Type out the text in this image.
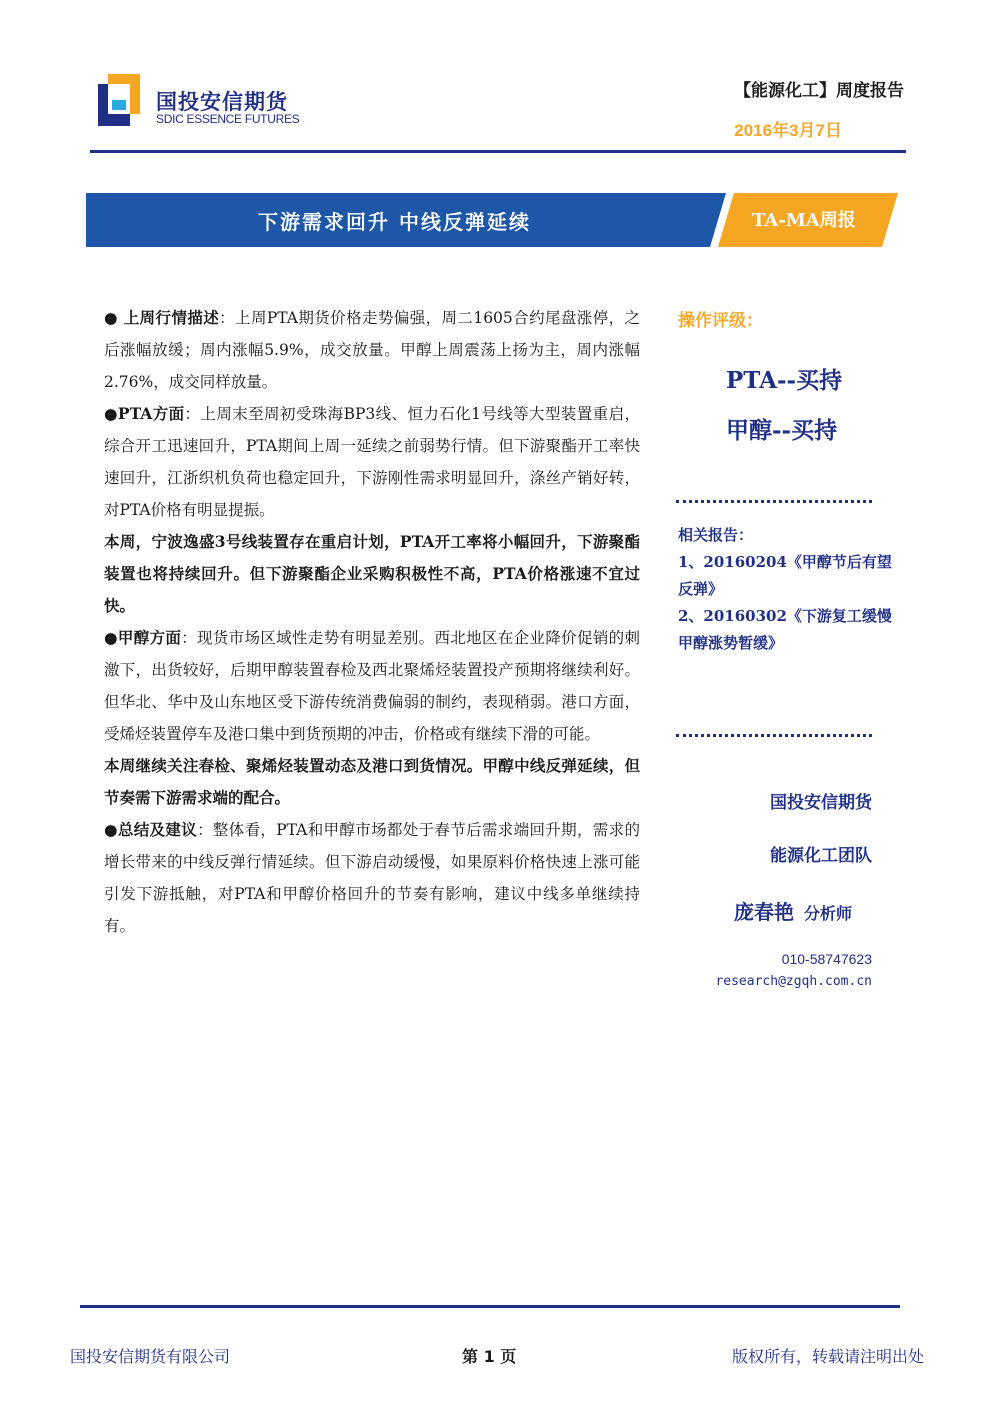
国投安信期货
SDIC ESSENCE FUTURES
【能源化工】周度报告
2016年3月7日
下游需求回升 中线反弹延续	TA-MA周报

● 上周行情描述：上周PTA期货价格走势偏强，周二1605合约尾盘涨停，之后涨幅放缓；周内涨幅5.9%，成交放量。甲醇上周震荡上扬为主，周内涨幅2.76%，成交同样放量。

●PTA方面：上周末至周初受珠海BP3线、恒力石化1号线等大型装置重启，综合开工迅速回升，PTA期间上周一延续之前弱势行情。但下游聚酯开工率快速回升，江浙织机负荷也稳定回升，下游刚性需求明显回升，涤丝产销好转，对PTA价格有明显提振。

本周，宁波逸盛3号线装置存在重启计划，PTA开工率将小幅回升，下游聚酯装置也将持续回升。但下游聚酯企业采购积极性不高，PTA价格涨速不宜过快。

●甲醇方面：现货市场区域性走势有明显差别。西北地区在企业降价促销的刺激下，出货较好，后期甲醇装置春检及西北聚烯烃装置投产预期将继续利好。但华北、华中及山东地区受下游传统消费偏弱的制约，表现稍弱。港口方面，受烯烃装置停车及港口集中到货预期的冲击，价格或有继续下滑的可能。

本周继续关注春检、聚烯烃装置动态及港口到货情况。甲醇中线反弹延续，但节奏需下游需求端的配合。

●总结及建议：整体看，PTA和甲醇市场都处于春节后需求端回升期，需求的增长带来的中线反弹行情延续。但下游启动缓慢，如果原料价格快速上涨可能引发下游抵触，对PTA和甲醇价格回升的节奏有影响，建议中线多单继续持有。

操作评级：
PTA--买持
甲醇--买持

相关报告：

1、20160204《甲醇节后有望反弹》

2、20160302《下游复工缓慢 甲醇涨势暂缓》

国投安信期货
能源化工团队
庞春艳 分析师
010-58747623
research@zgqh.com.cn
国投安信期货有限公司	第 1 页	版权所有，转载请注明出处
